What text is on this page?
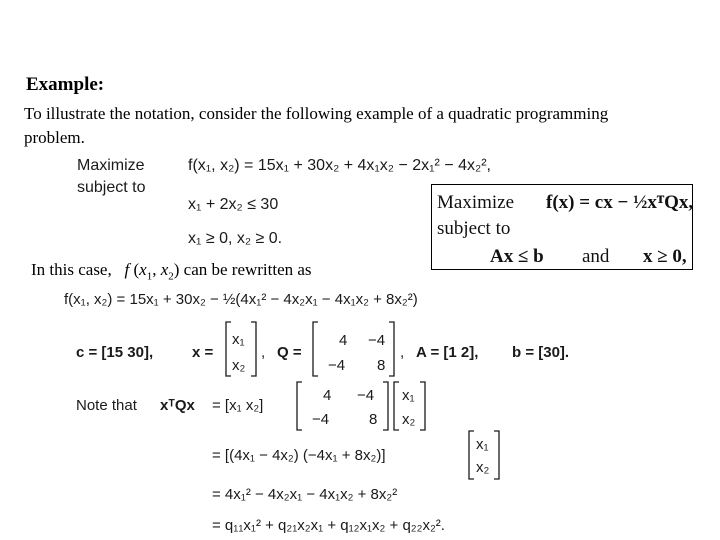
Example:
To illustrate the notation, consider the following example of a quadratic programming problem.
In this case, f ($x_1$, $x_2$) can be rewritten as
Maximize	f(x₁, x₂) = 15x₁ + 30x₂ + 4x₁x₂ − 2x₁² − 4x₂²,
subject to
x₁ + 2x₂ ≤ 30
x₁ ≥ 0, x₂ ≥ 0.
Maximize f(x) = cx − ½xᵀQx,
subject to
Ax ≤ b and x ≥ 0,
f(x₁, x₂) = 15x₁ + 30x₂ − ½(4x₁² − 4x₂x₁ − 4x₁x₂ + 8x₂²)
c = [15 30],	x =
x₁
x₂
, Q =
4 −4
−4 8
, A = [1 2], b = [30].
Note that xᵀQx = [x₁ x₂]
4 −4
−4	8
x₁
x₂
= [(4x₁ − 4x₂) (−4x₁ + 8x₂)]
x₁
x₂
= 4x₁² − 4x₂x₁ − 4x₁x₂ + 8x₂²
= q₁₁x₁² + q₂₁x₂x₁ + q₁₂x₁x₂ + q₂₂x₂².
